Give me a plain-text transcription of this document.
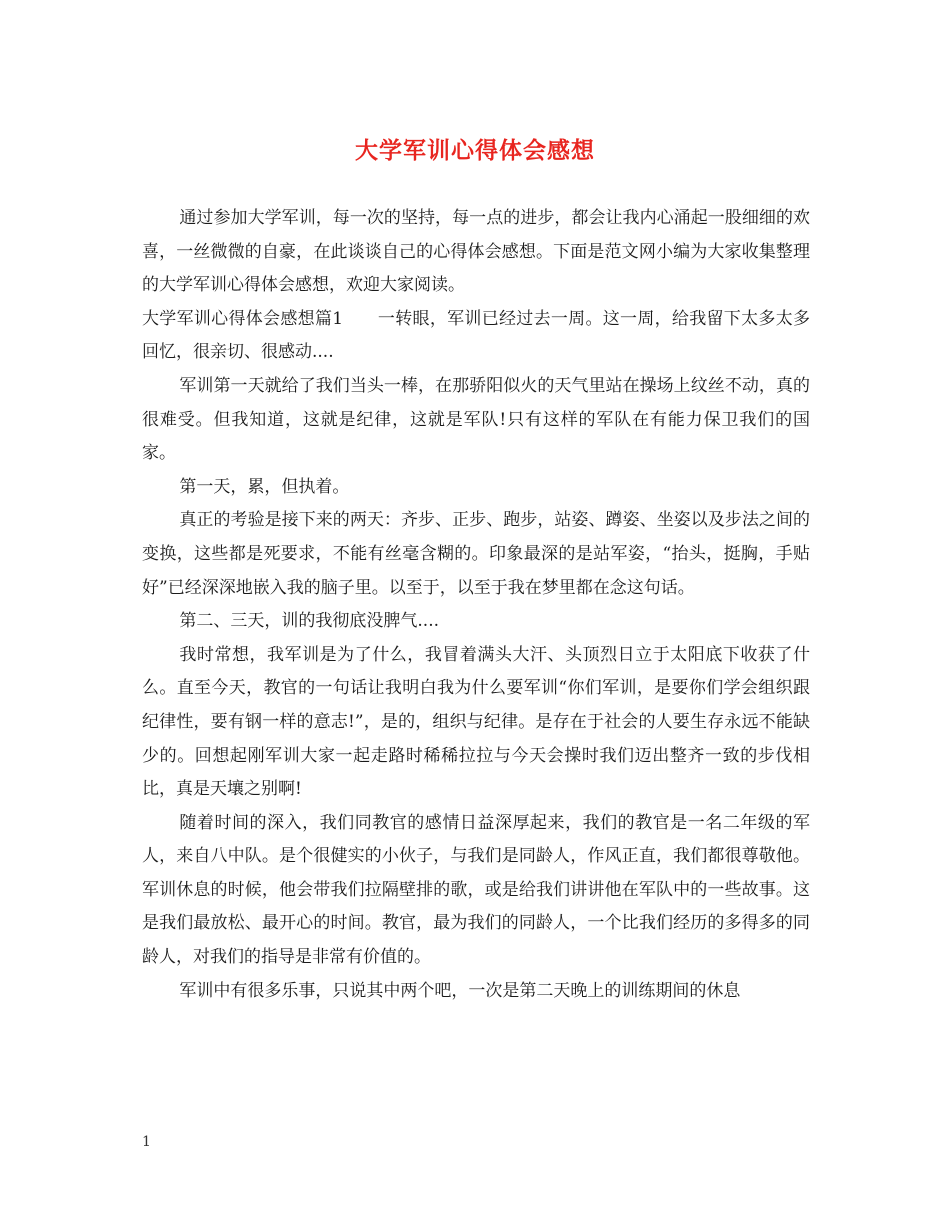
大学军训心得体会感想

通过参加大学军训，每一次的坚持，每一点的进步，都会让我内心涌起一股细细的欢喜，一丝微微的自豪，在此谈谈自己的心得体会感想。下面是范文网小编为大家收集整理的大学军训心得体会感想，欢迎大家阅读。

大学军训心得体会感想篇1　　一转眼，军训已经过去一周。这一周，给我留下太多太多回忆，很亲切、很感动....

军训第一天就给了我们当头一棒，在那骄阳似火的天气里站在操场上纹丝不动，真的很难受。但我知道，这就是纪律，这就是军队!只有这样的军队在有能力保卫我们的国家。

第一天，累，但执着。

真正的考验是接下来的两天：齐步、正步、跑步，站姿、蹲姿、坐姿以及步法之间的变换，这些都是死要求，不能有丝毫含糊的。印象最深的是站军姿，“抬头，挺胸，手贴好”已经深深地嵌入我的脑子里。以至于，以至于我在梦里都在念这句话。

第二、三天，训的我彻底没脾气....

我时常想，我军训是为了什么，我冒着满头大汗、头顶烈日立于太阳底下收获了什么。直至今天，教官的一句话让我明白我为什么要军训“你们军训，是要你们学会组织跟纪律性，要有钢一样的意志!”，是的，组织与纪律。是存在于社会的人要生存永远不能缺少的。回想起刚军训大家一起走路时稀稀拉拉与今天会操时我们迈出整齐一致的步伐相比，真是天壤之别啊!

随着时间的深入，我们同教官的感情日益深厚起来，我们的教官是一名二年级的军人，来自八中队。是个很健实的小伙子，与我们是同龄人，作风正直，我们都很尊敬他。军训休息的时候，他会带我们拉隔壁排的歌，或是给我们讲讲他在军队中的一些故事。这是我们最放松、最开心的时间。教官，最为我们的同龄人，一个比我们经历的多得多的同龄人，对我们的指导是非常有价值的。

军训中有很多乐事，只说其中两个吧，一次是第二天晚上的训练期间的休息

1
